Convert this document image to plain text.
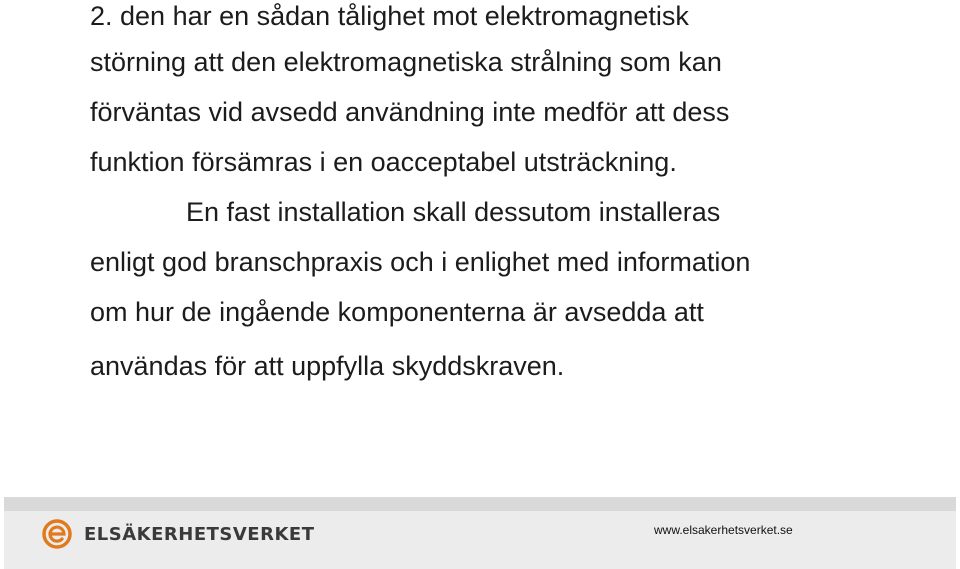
2. den har en sådan tålighet mot elektromagnetisk
störning att den elektromagnetiska strålning som kan
förväntas vid avsedd användning inte medför att dess
funktion försämras i en oacceptabel utsträckning.
En fast installation skall dessutom installeras
enligt god branschpraxis och i enlighet med information
om hur de ingående komponenterna är avsedda att
användas för att uppfylla skyddskraven.
ELSÄKERHETSVERKET	www.elsakerhetsverket.se
